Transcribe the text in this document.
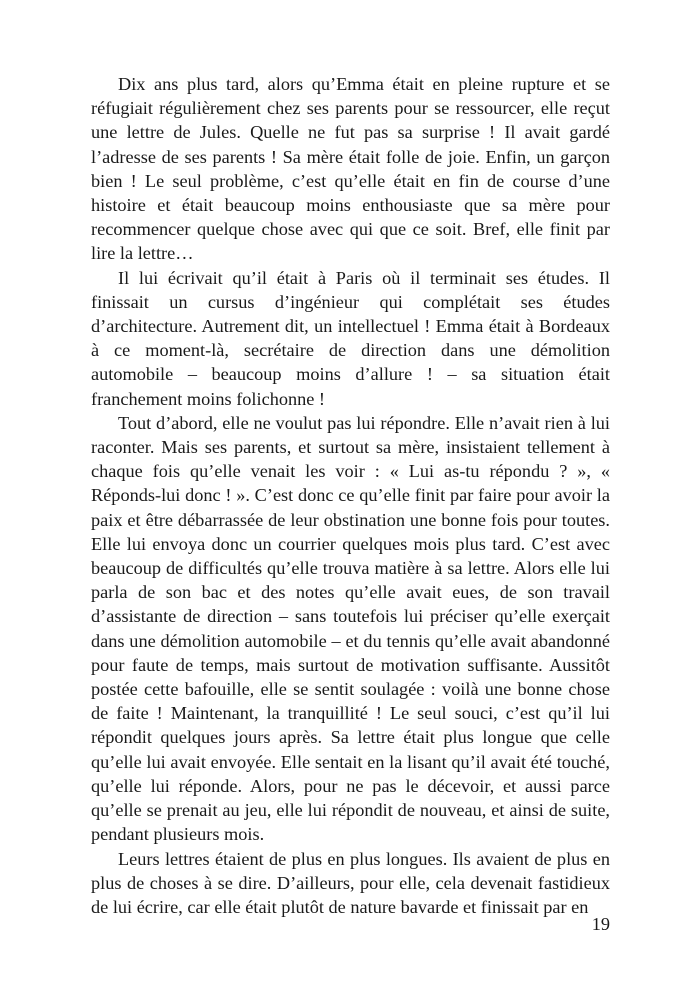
Dix ans plus tard, alors qu’Emma était en pleine rupture et se réfugiait régulièrement chez ses parents pour se ressourcer, elle reçut une lettre de Jules. Quelle ne fut pas sa surprise ! Il avait gardé l’adresse de ses parents ! Sa mère était folle de joie. Enfin, un garçon bien ! Le seul problème, c’est qu’elle était en fin de course d’une histoire et était beaucoup moins enthousiaste que sa mère pour recommencer quelque chose avec qui que ce soit. Bref, elle finit par lire la lettre…

Il lui écrivait qu’il était à Paris où il terminait ses études. Il finissait un cursus d’ingénieur qui complétait ses études d’architecture. Autrement dit, un intellectuel ! Emma était à Bordeaux à ce moment-là, secrétaire de direction dans une démolition automobile – beaucoup moins d’allure ! – sa situation était franchement moins folichonne !

Tout d’abord, elle ne voulut pas lui répondre. Elle n’avait rien à lui raconter. Mais ses parents, et surtout sa mère, insistaient tellement à chaque fois qu’elle venait les voir : « Lui as-tu répondu ? », « Réponds-lui donc ! ». C’est donc ce qu’elle finit par faire pour avoir la paix et être débarrassée de leur obstination une bonne fois pour toutes. Elle lui envoya donc un courrier quelques mois plus tard. C’est avec beaucoup de difficultés qu’elle trouva matière à sa lettre. Alors elle lui parla de son bac et des notes qu’elle avait eues, de son travail d’assistante de direction – sans toutefois lui préciser qu’elle exerçait dans une démolition automobile – et du tennis qu’elle avait abandonné pour faute de temps, mais surtout de motivation suffisante. Aussitôt postée cette bafouille, elle se sentit soulagée : voilà une bonne chose de faite ! Maintenant, la tranquillité ! Le seul souci, c’est qu’il lui répondit quelques jours après. Sa lettre était plus longue que celle qu’elle lui avait envoyée. Elle sentait en la lisant qu’il avait été touché, qu’elle lui réponde. Alors, pour ne pas le décevoir, et aussi parce qu’elle se prenait au jeu, elle lui répondit de nouveau, et ainsi de suite, pendant plusieurs mois.

Leurs lettres étaient de plus en plus longues. Ils avaient de plus en plus de choses à se dire. D’ailleurs, pour elle, cela devenait fastidieux de lui écrire, car elle était plutôt de nature bavarde et finissait par en

19
